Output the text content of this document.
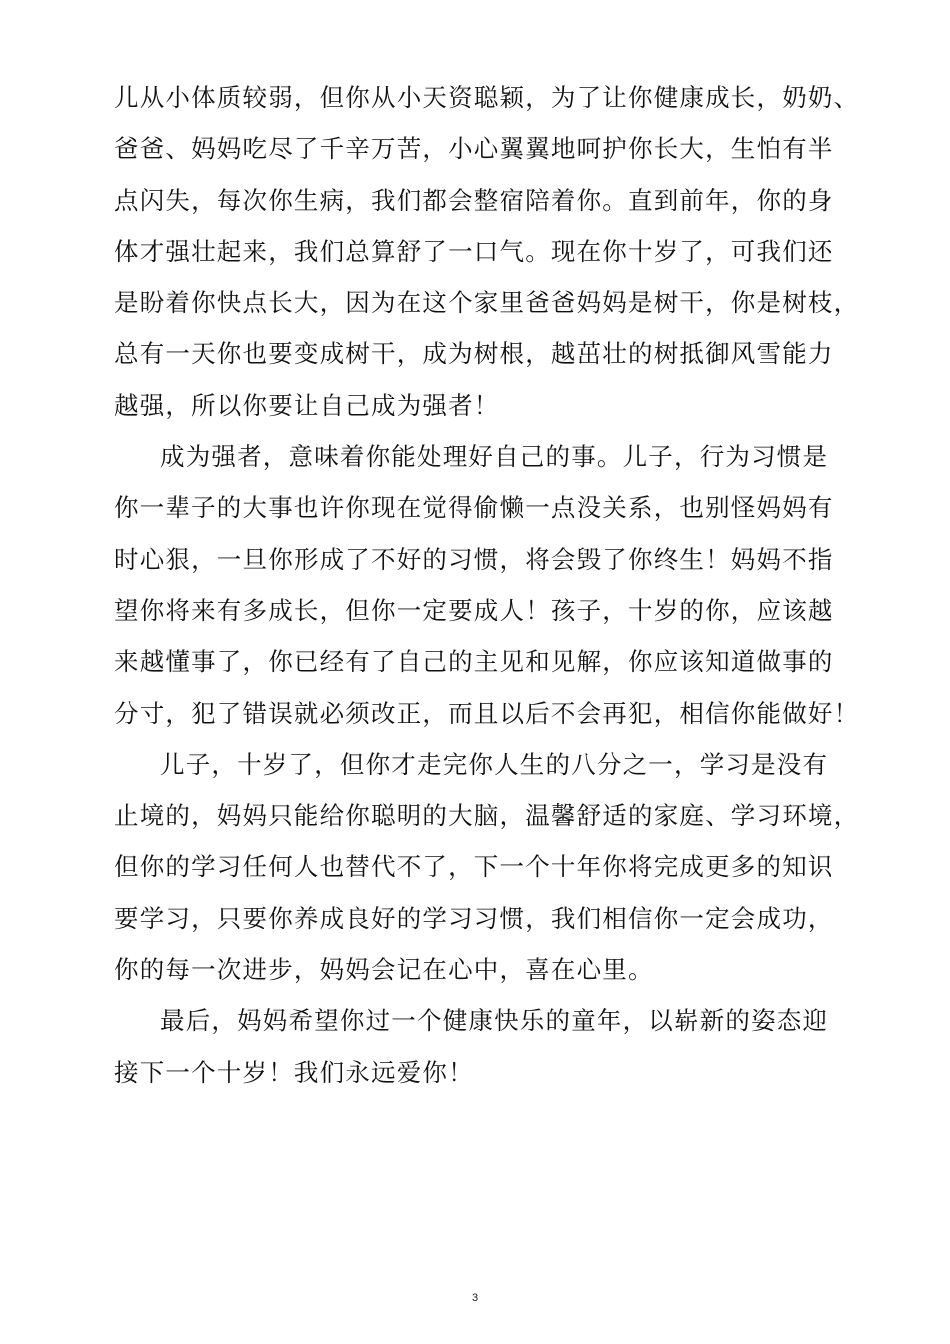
儿从小体质较弱，但你从小天资聪颖，为了让你健康成长，奶奶、
爸爸、妈妈吃尽了千辛万苦，小心翼翼地呵护你长大，生怕有半
点闪失，每次你生病，我们都会整宿陪着你。直到前年，你的身
体才强壮起来，我们总算舒了一口气。现在你十岁了，可我们还
是盼着你快点长大，因为在这个家里爸爸妈妈是树干，你是树枝，
总有一天你也要变成树干，成为树根，越茁壮的树抵御风雪能力
越强，所以你要让自己成为强者！
成为强者，意味着你能处理好自己的事。儿子，行为习惯是
你一辈子的大事也许你现在觉得偷懒一点没关系，也别怪妈妈有
时心狠，一旦你形成了不好的习惯，将会毁了你终生！妈妈不指
望你将来有多成长，但你一定要成人！孩子，十岁的你，应该越
来越懂事了，你已经有了自己的主见和见解，你应该知道做事的
分寸，犯了错误就必须改正，而且以后不会再犯，相信你能做好！
儿子，十岁了，但你才走完你人生的八分之一，学习是没有
止境的，妈妈只能给你聪明的大脑，温馨舒适的家庭、学习环境，
但你的学习任何人也替代不了，下一个十年你将完成更多的知识
要学习，只要你养成良好的学习习惯，我们相信你一定会成功，
你的每一次进步，妈妈会记在心中，喜在心里。
最后，妈妈希望你过一个健康快乐的童年，以崭新的姿态迎
接下一个十岁！我们永远爱你！
3
